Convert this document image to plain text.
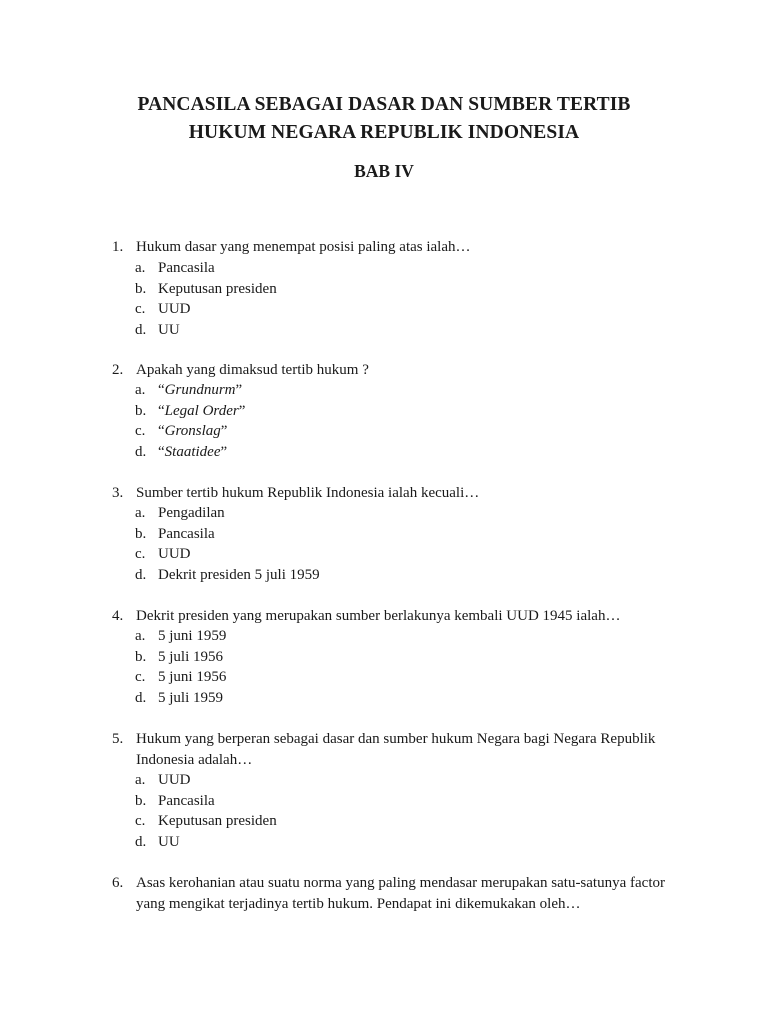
PANCASILA SEBAGAI DASAR DAN SUMBER TERTIB
HUKUM NEGARA REPUBLIK INDONESIA
BAB IV
1. Hukum dasar yang menempat posisi paling atas ialah…
a. Pancasila
b. Keputusan presiden
c. UUD
d. UU
2. Apakah yang dimaksud tertib hukum ?
a. “Grundnurm”
b. “Legal Order”
c. “Gronslag”
d. “Staatidee”
3. Sumber tertib hukum Republik Indonesia ialah kecuali…
a. Pengadilan
b. Pancasila
c. UUD
d. Dekrit presiden 5 juli 1959
4. Dekrit presiden yang merupakan sumber berlakunya kembali UUD 1945 ialah…
a. 5 juni 1959
b. 5 juli 1956
c. 5 juni 1956
d. 5 juli 1959
5. Hukum yang berperan sebagai dasar dan sumber hukum Negara bagi Negara Republik
Indonesia adalah…
a. UUD
b. Pancasila
c. Keputusan presiden
d. UU
6. Asas kerohanian atau suatu norma yang paling mendasar merupakan satu-satunya factor
yang mengikat terjadinya tertib hukum. Pendapat ini dikemukakan oleh…
